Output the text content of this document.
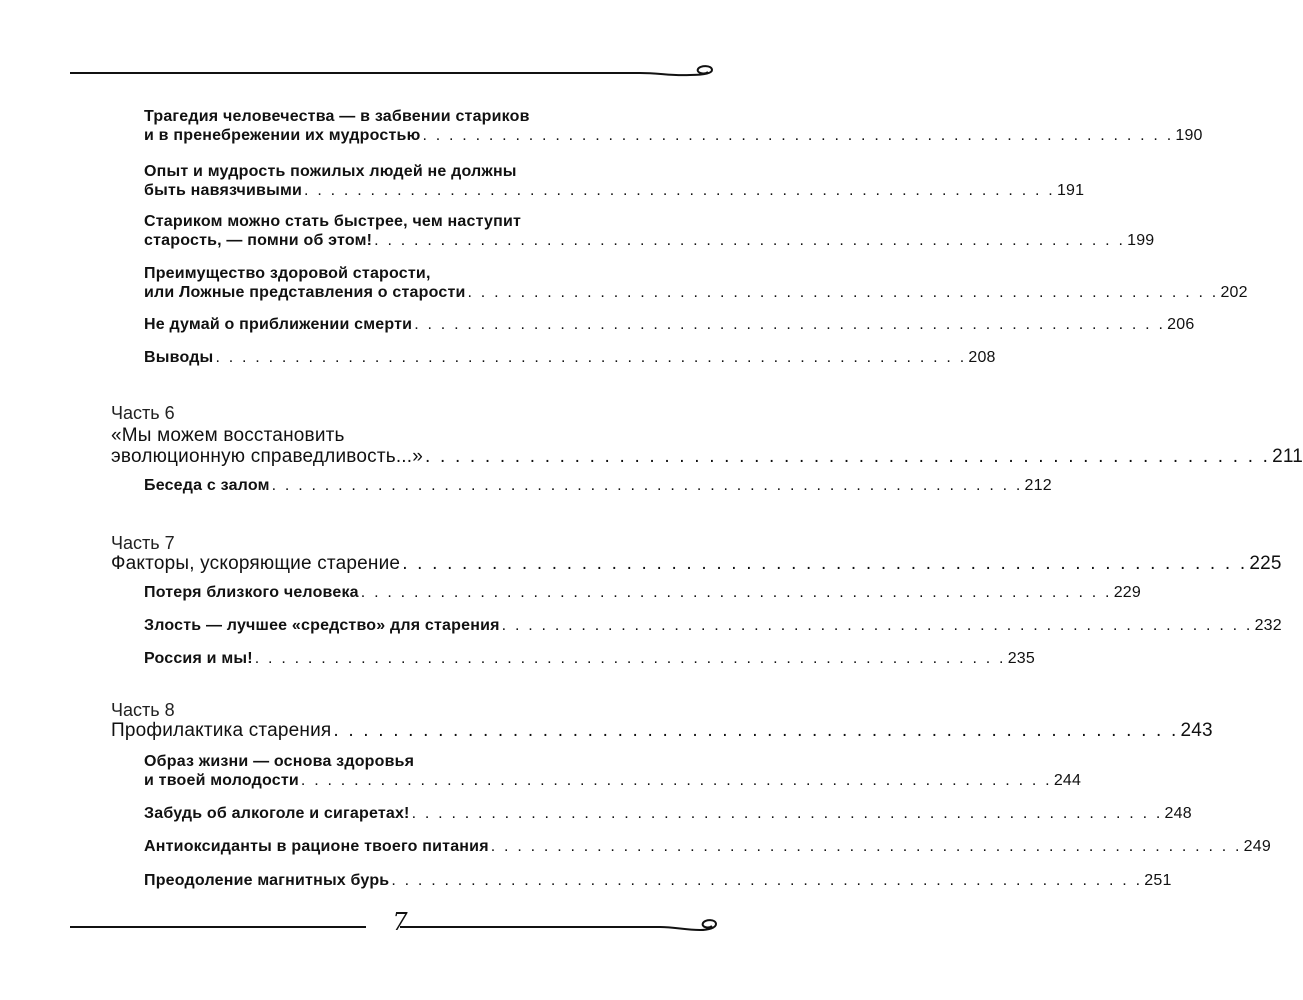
Трагедия человечества — в забвении стариков
и в пренебрежении их мудростью . . . . . . . . . . . . . . . . . . . . . . . . . . . . . . . . . . . . . . . . . . . . . . . . . . . . . . . . . 190
Опыт и мудрость пожилых людей не должны
быть навязчивыми . . . . . . . . . . . . . . . . . . . . . . . . . . . . . . . . . . . . . . . . . . . . . . . . . . . . . . . . . 191
Стариком можно стать быстрее, чем наступит
старость, — помни об этом! . . . . . . . . . . . . . . . . . . . . . . . . . . . . . . . . . . . . . . . . . . . . . . . . . . . . . . . . . 199
Преимущество здоровой старости,
или Ложные представления о старости . . . . . . . . . . . . . . . . . . . . . . . . . . . . . . . . . . . . . . . . . . . . . . . . . . . . . . . . . 202
Не думай о приближении смерти . . . . . . . . . . . . . . . . . . . . . . . . . . . . . . . . . . . . . . . . . . . . . . . . . . . . . . . . . 206
Выводы . . . . . . . . . . . . . . . . . . . . . . . . . . . . . . . . . . . . . . . . . . . . . . . . . . . . . . . . . 208
Часть 6
«Мы можем восстановить
эволюционную справедливость...» . . . . . . . . . . . . . . . . . . . . . . . . . . . . . . . . . . . . . . . . . . . . . . . . . . . . . . . . . 211
Беседа с залом . . . . . . . . . . . . . . . . . . . . . . . . . . . . . . . . . . . . . . . . . . . . . . . . . . . . . . . . . 212
Часть 7
Факторы, ускоряющие старение . . . . . . . . . . . . . . . . . . . . . . . . . . . . . . . . . . . . . . . . . . . . . . . . . . . . . . . . . 225
Потеря близкого человека . . . . . . . . . . . . . . . . . . . . . . . . . . . . . . . . . . . . . . . . . . . . . . . . . . . . . . . . . 229
Злость — лучшее «средство» для старения . . . . . . . . . . . . . . . . . . . . . . . . . . . . . . . . . . . . . . . . . . . . . . . . . . . . . . . . . 232
Россия и мы! . . . . . . . . . . . . . . . . . . . . . . . . . . . . . . . . . . . . . . . . . . . . . . . . . . . . . . . . . 235
Часть 8
Профилактика старения . . . . . . . . . . . . . . . . . . . . . . . . . . . . . . . . . . . . . . . . . . . . . . . . . . . . . . . . . 243
Образ жизни — основа здоровья
и твоей молодости . . . . . . . . . . . . . . . . . . . . . . . . . . . . . . . . . . . . . . . . . . . . . . . . . . . . . . . . . 244
Забудь об алкоголе и сигаретах! . . . . . . . . . . . . . . . . . . . . . . . . . . . . . . . . . . . . . . . . . . . . . . . . . . . . . . . . . 248
Антиоксиданты в рационе твоего питания . . . . . . . . . . . . . . . . . . . . . . . . . . . . . . . . . . . . . . . . . . . . . . . . . . . . . . . . . 249
Преодоление магнитных бурь . . . . . . . . . . . . . . . . . . . . . . . . . . . . . . . . . . . . . . . . . . . . . . . . . . . . . . . . . 251
7
